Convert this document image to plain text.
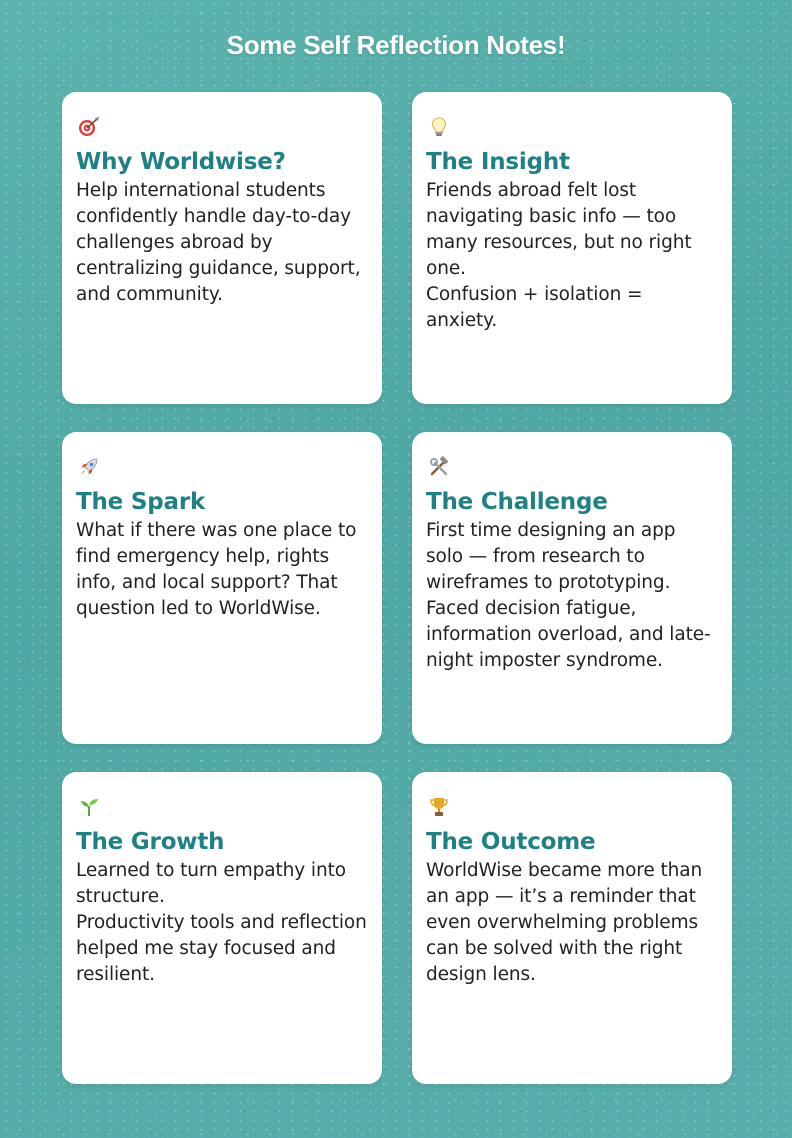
Some Self Reflection Notes!
Why Worldwise?
Help international students confidently handle day-to-day challenges abroad by centralizing guidance, support, and community.
The Insight
Friends abroad felt lost navigating basic info — too many resources, but no right one.
Confusion + isolation = anxiety.
The Spark
What if there was one place to find emergency help, rights info, and local support? That question led to WorldWise.
The Challenge
First time designing an app solo — from research to wireframes to prototyping. Faced decision fatigue, information overload, and late-night imposter syndrome.
The Growth
Learned to turn empathy into structure.
Productivity tools and reflection helped me stay focused and resilient.
The Outcome
WorldWise became more than an app — it’s a reminder that even overwhelming problems can be solved with the right design lens.
